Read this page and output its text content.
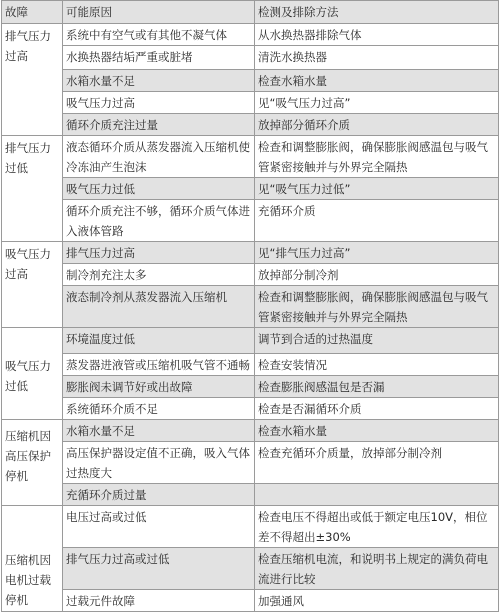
故障	可能原因	检测及排除方法
排气压力过高	系统中有空气或有其他不凝气体	从水换热器排除气体
	水换热器结垢严重或脏堵	清洗水换热器
	水箱水量不足	检查水箱水量
	吸气压力过高	见“吸气压力过高”
	循环介质充注过量	放掉部分循环介质
排气压力过低	液态循环介质从蒸发器流入压缩机使冷冻油产生泡沫	检查和调整膨胀阀，确保膨胀阀感温包与吸气管紧密接触并与外界完全隔热
	吸气压力过低	见“吸气压力过低”
	循环介质充注不够，循环介质气体进入液体管路	充循环介质
吸气压力过高	排气压力过高	见“排气压力过高”
	制冷剂充注太多	放掉部分制冷剂
	液态制冷剂从蒸发器流入压缩机	检查和调整膨胀阀，确保膨胀阀感温包与吸气管紧密接触并与外界完全隔热
吸气压力过低	环境温度过低	调节到合适的过热温度
	蒸发器进液管或压缩机吸气管不通畅	检查安装情况
	膨胀阀未调节好或出故障	检查膨胀阀感温包是否漏
	系统循环介质不足	检查是否漏循环介质
压缩机因高压保护停机	水箱水量不足	检查水箱水量
	高压保护器设定值不正确，吸入气体过热度大	检查充循环介质量，放掉部分制冷剂
	充循环介质过量	
压缩机因电机过载停机	电压过高或过低	检查电压不得超出或低于额定电压10V，相位差不得超出±30%
	排气压力过高或过低	检查压缩机电流，和说明书上规定的满负荷电流进行比较
	过载元件故障	加强通风
